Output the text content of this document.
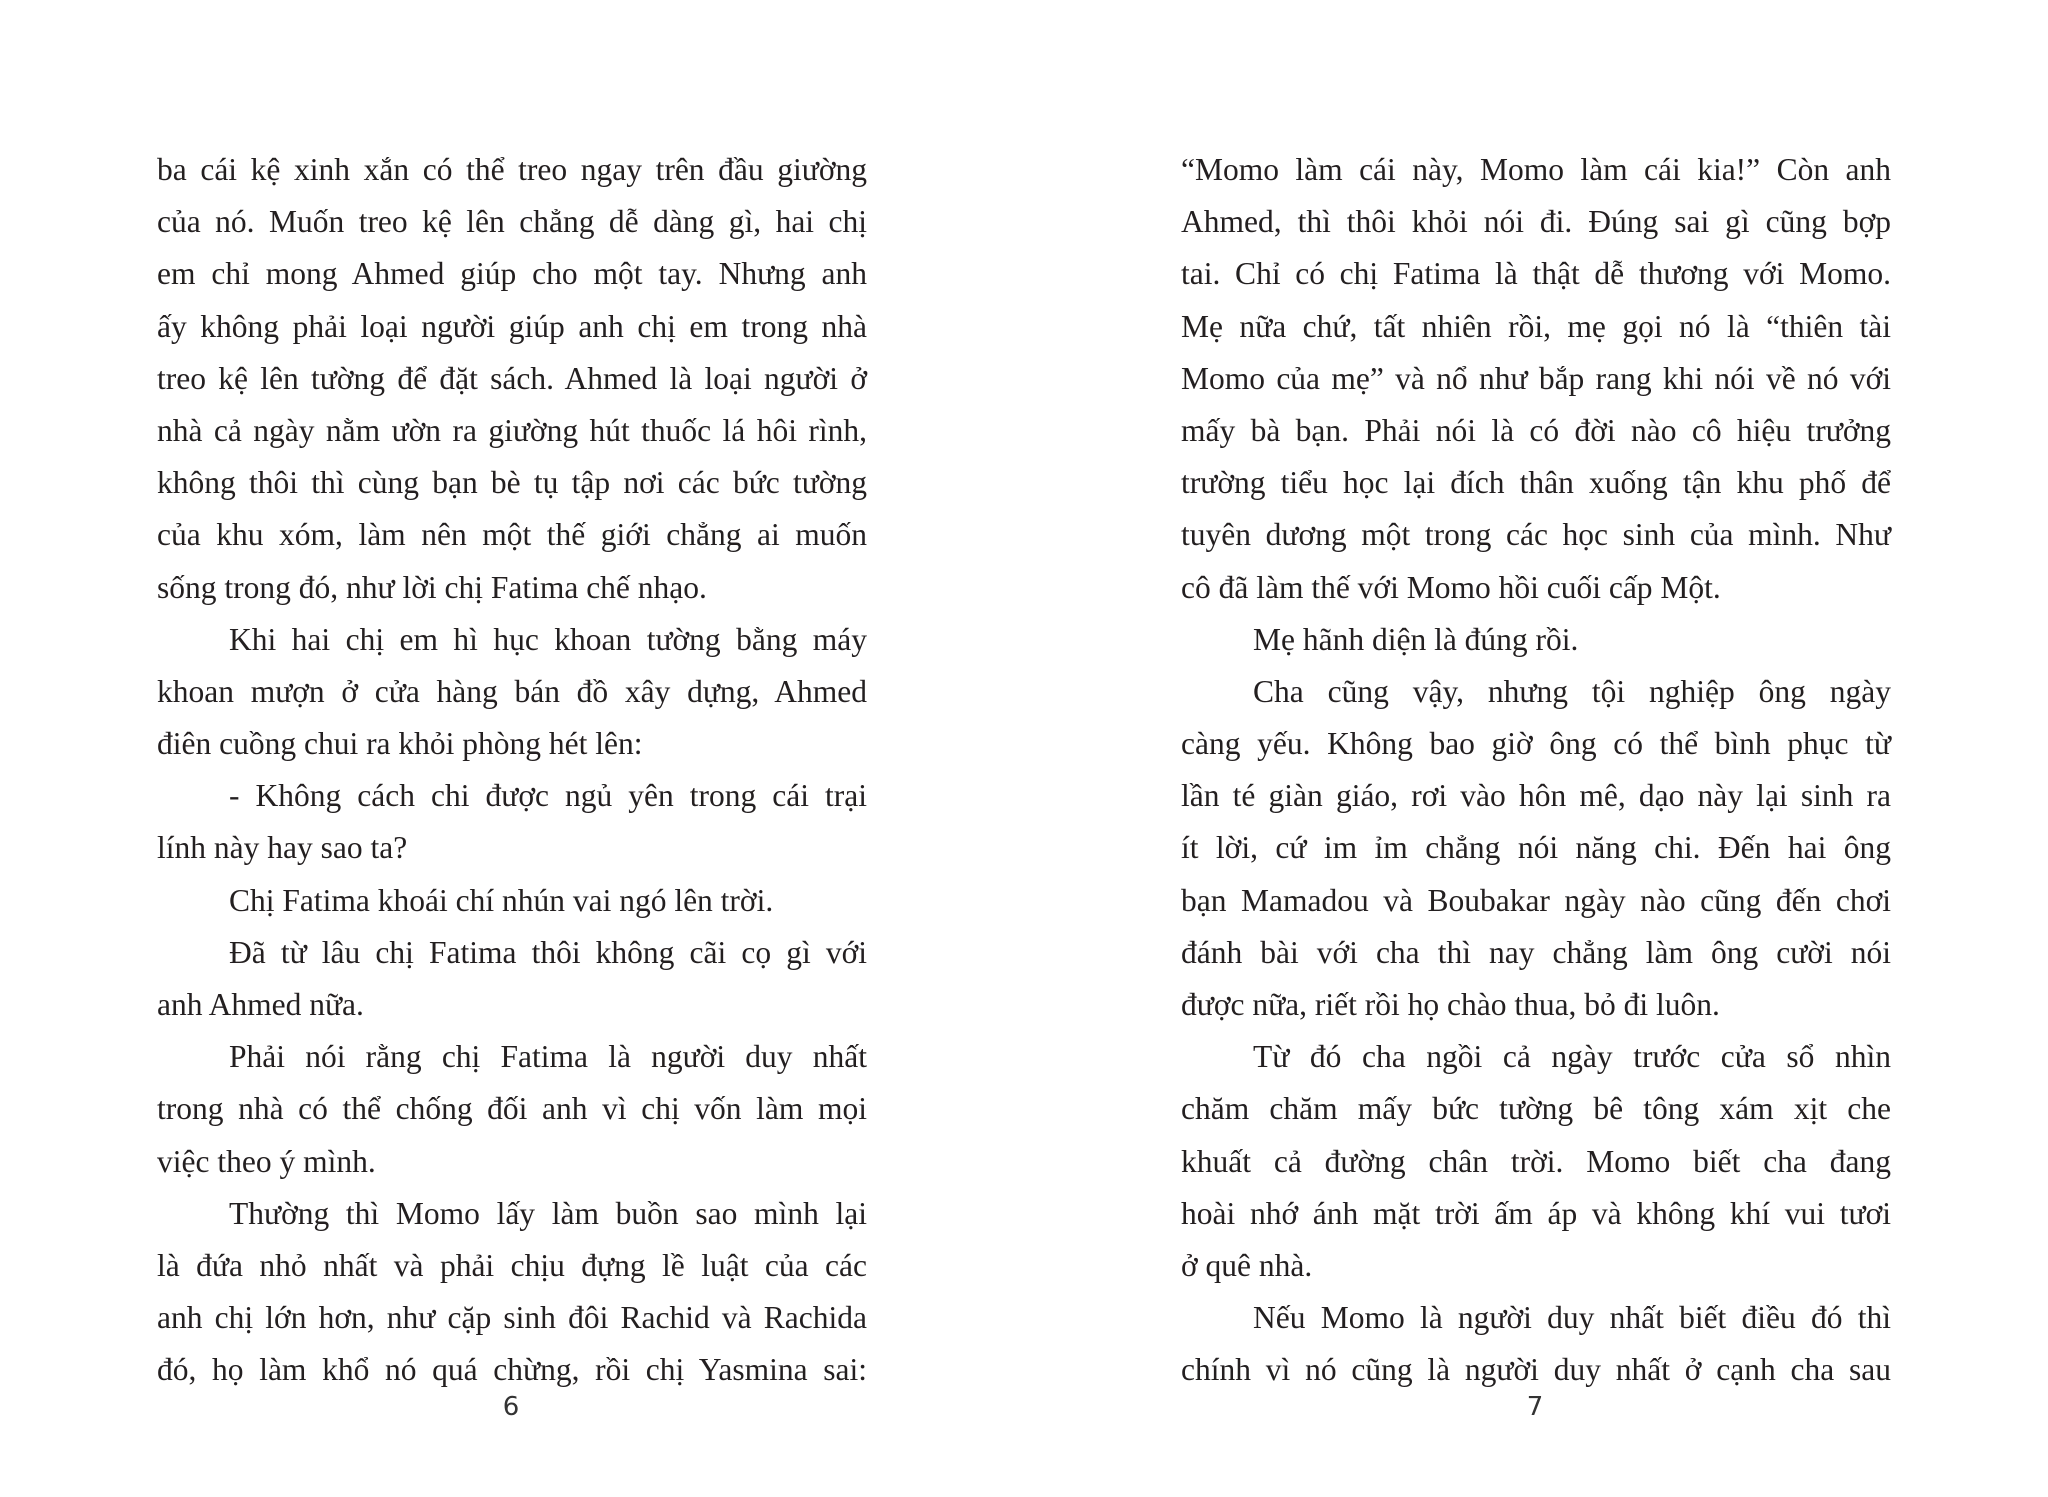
ba cái kệ xinh xắn có thể treo ngay trên đầu giường
của nó. Muốn treo kệ lên chẳng dễ dàng gì, hai chị
em chỉ mong Ahmed giúp cho một tay. Nhưng anh
ấy không phải loại người giúp anh chị em trong nhà
treo kệ lên tường để đặt sách. Ahmed là loại người ở
nhà cả ngày nằm ườn ra giường hút thuốc lá hôi rình,
không thôi thì cùng bạn bè tụ tập nơi các bức tường
của khu xóm, làm nên một thế giới chẳng ai muốn
sống trong đó, như lời chị Fatima chế nhạo.
Khi hai chị em hì hục khoan tường bằng máy
khoan mượn ở cửa hàng bán đồ xây dựng, Ahmed
điên cuồng chui ra khỏi phòng hét lên:
- Không cách chi được ngủ yên trong cái trại
lính này hay sao ta?
Chị Fatima khoái chí nhún vai ngó lên trời.
Đã từ lâu chị Fatima thôi không cãi cọ gì với
anh Ahmed nữa.
Phải nói rằng chị Fatima là người duy nhất
trong nhà có thể chống đối anh vì chị vốn làm mọi
việc theo ý mình.
Thường thì Momo lấy làm buồn sao mình lại
là đứa nhỏ nhất và phải chịu đựng lề luật của các
anh chị lớn hơn, như cặp sinh đôi Rachid và Rachida
đó, họ làm khổ nó quá chừng, rồi chị Yasmina sai:
“Momo làm cái này, Momo làm cái kia!” Còn anh
Ahmed, thì thôi khỏi nói đi. Đúng sai gì cũng bợp
tai. Chỉ có chị Fatima là thật dễ thương với Momo.
Mẹ nữa chứ, tất nhiên rồi, mẹ gọi nó là “thiên tài
Momo của mẹ” và nổ như bắp rang khi nói về nó với
mấy bà bạn. Phải nói là có đời nào cô hiệu trưởng
trường tiểu học lại đích thân xuống tận khu phố để
tuyên dương một trong các học sinh của mình. Như
cô đã làm thế với Momo hồi cuối cấp Một.
Mẹ hãnh diện là đúng rồi.
Cha cũng vậy, nhưng tội nghiệp ông ngày
càng yếu. Không bao giờ ông có thể bình phục từ
lần té giàn giáo, rơi vào hôn mê, dạo này lại sinh ra
ít lời, cứ im ỉm chẳng nói năng chi. Đến hai ông
bạn Mamadou và Boubakar ngày nào cũng đến chơi
đánh bài với cha thì nay chẳng làm ông cười nói
được nữa, riết rồi họ chào thua, bỏ đi luôn.
Từ đó cha ngồi cả ngày trước cửa sổ nhìn
chăm chăm mấy bức tường bê tông xám xịt che
khuất cả đường chân trời. Momo biết cha đang
hoài nhớ ánh mặt trời ấm áp và không khí vui tươi
ở quê nhà.
Nếu Momo là người duy nhất biết điều đó thì
chính vì nó cũng là người duy nhất ở cạnh cha sau
6	7
